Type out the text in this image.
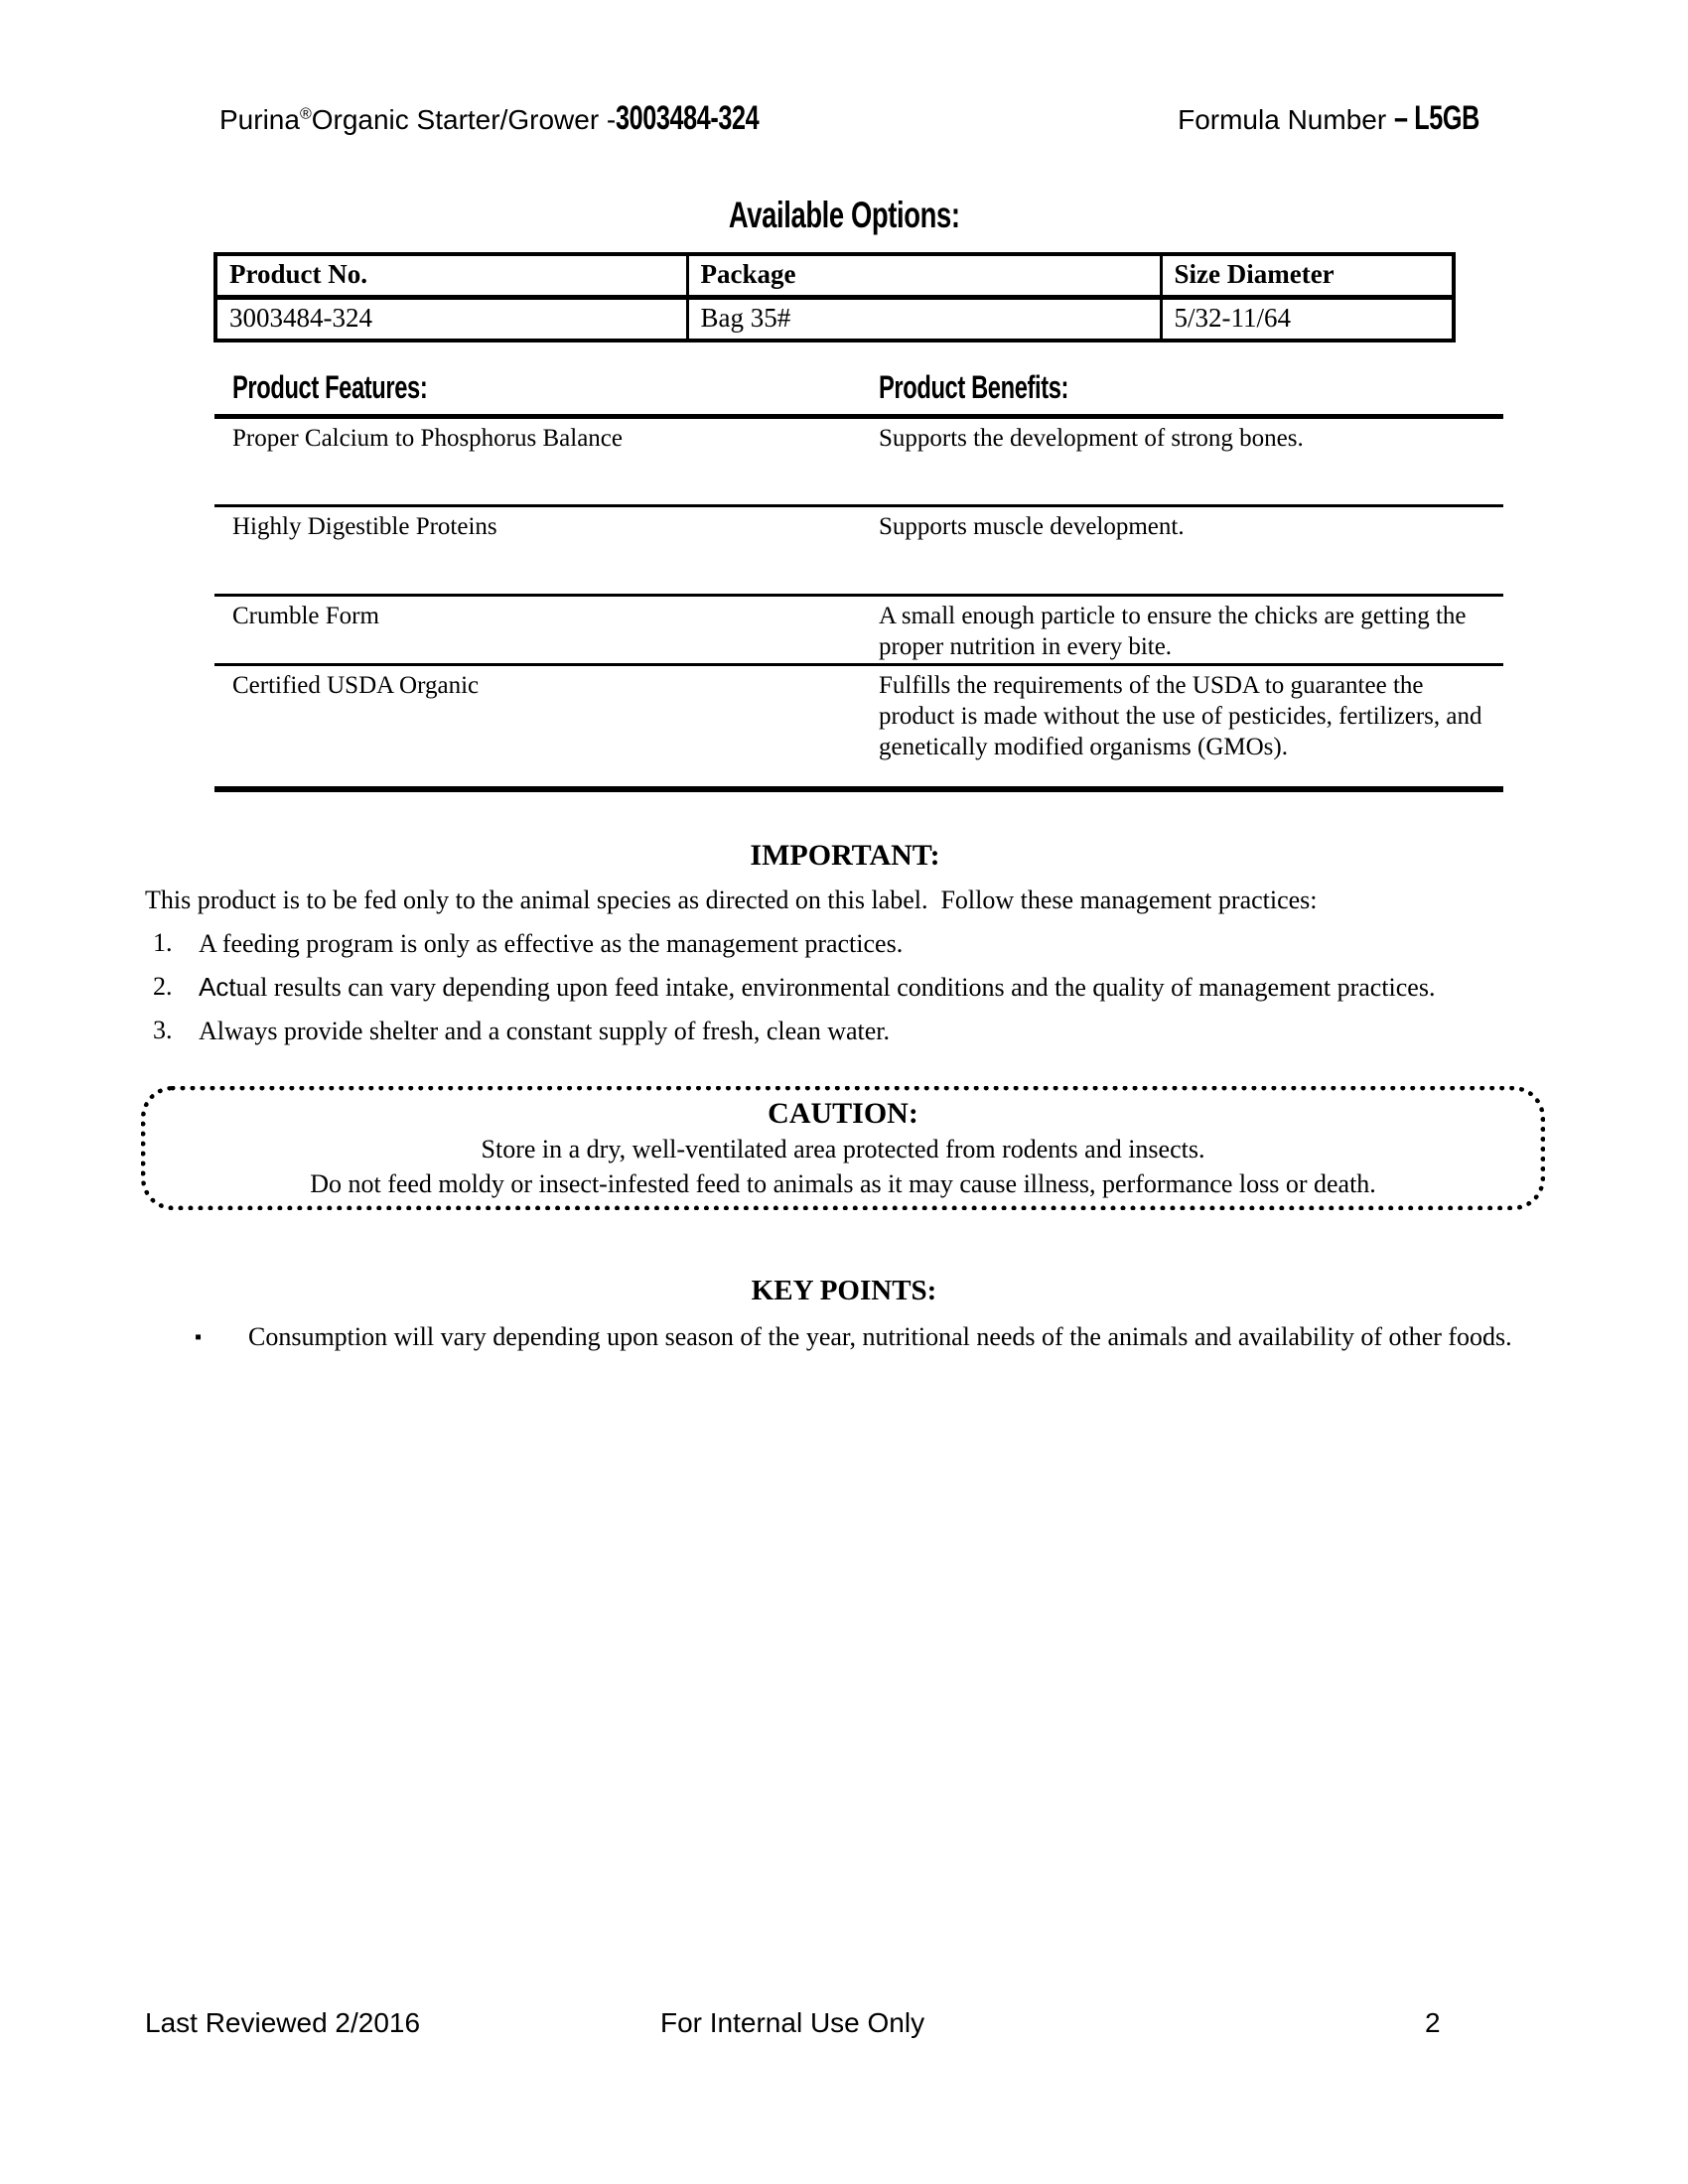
Purina®Organic Starter/Grower -3003484-324	Formula Number – L5GB
Available Options:
Product No.	Package	Size Diameter
3003484-324	Bag 35#	5/32-11/64
Product Features:	Product Benefits:
Proper Calcium to Phosphorus Balance	Supports the development of strong bones.
Highly Digestible Proteins	Supports muscle development.
Crumble Form	A small enough particle to ensure the chicks are getting the proper nutrition in every bite.
Certified USDA Organic	Fulfills the requirements of the USDA to guarantee the product is made without the use of pesticides, fertilizers, and genetically modified organisms (GMOs).
IMPORTANT:
This product is to be fed only to the animal species as directed on this label.  Follow these management practices:
1.	A feeding program is only as effective as the management practices.
2.	Actual results can vary depending upon feed intake, environmental conditions and the quality of management practices.
3.	Always provide shelter and a constant supply of fresh, clean water.
CAUTION:
Store in a dry, well-ventilated area protected from rodents and insects.
Do not feed moldy or insect-infested feed to animals as it may cause illness, performance loss or death.
KEY POINTS:
▪	Consumption will vary depending upon season of the year, nutritional needs of the animals and availability of other foods.
Last Reviewed 2/2016	For Internal Use Only	2
